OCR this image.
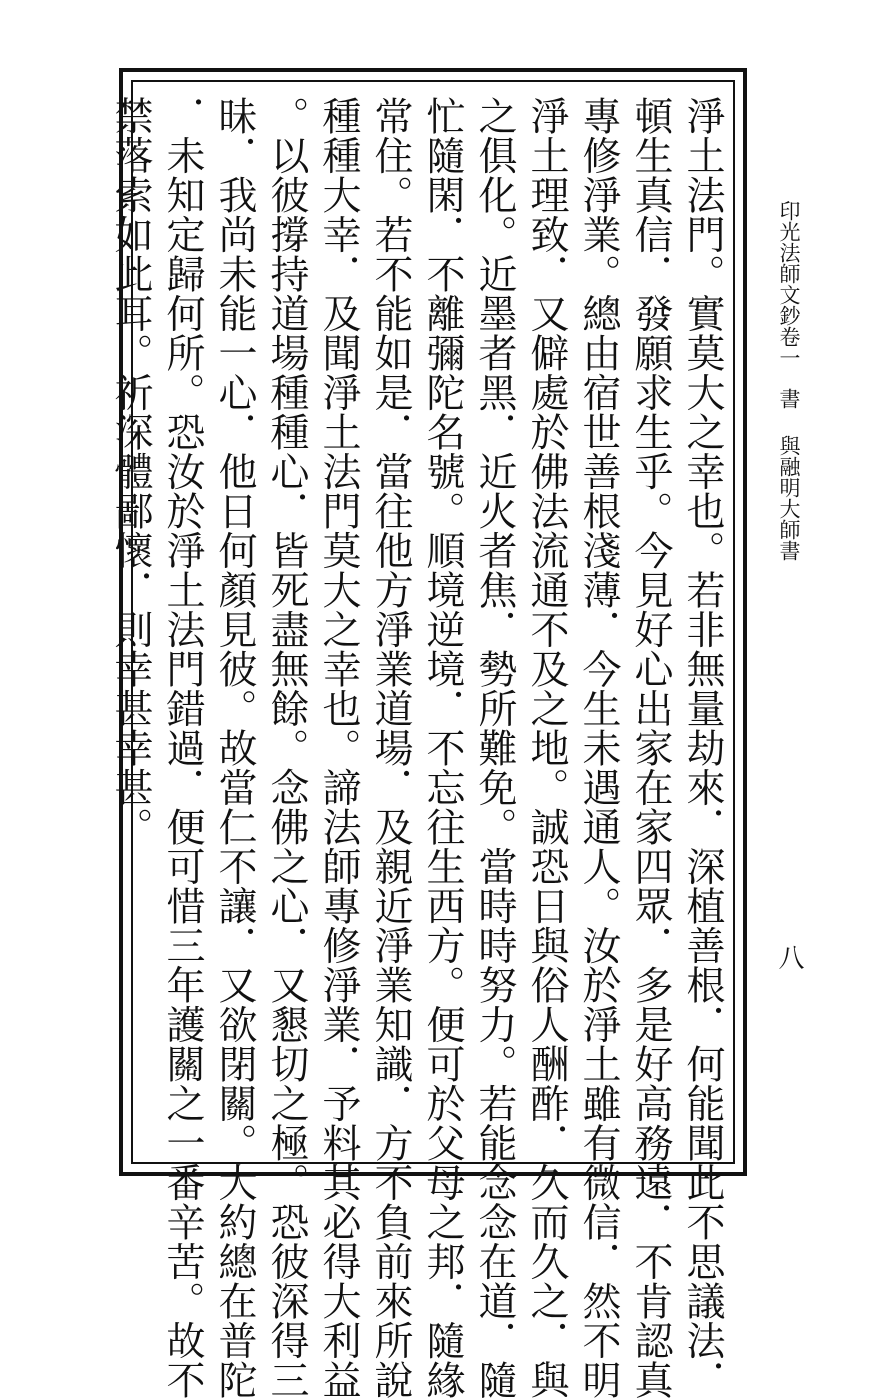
淨土法門。實莫大之幸也。若非無量劫來．深植善根．何能聞此不思議法．
頓生真信．發願求生乎。今見好心出家在家四眾．多是好高務遠．不肯認真
專修淨業。總由宿世善根淺薄．今生未遇通人。汝於淨土雖有微信．然不明
淨土理致．又僻處於佛法流通不及之地。誠恐日與俗人酬酢．久而久之．與
之俱化。近墨者黑．近火者焦．勢所難免。當時時努力。若能念念在道．隨
忙隨閑．不離彌陀名號。順境逆境．不忘往生西方。便可於父母之邦．隨緣
常住。若不能如是．當往他方淨業道場．及親近淨業知識．方不負前來所說
種種大幸．及聞淨土法門莫大之幸也。諦法師專修淨業．予料其必得大利益
。以彼撐持道場種種心．皆死盡無餘。念佛之心．又懇切之極。恐彼深得三
昧．我尚未能一心．他日何顏見彼。故當仁不讓．又欲閉關。大約總在普陀
．未知定歸何所。恐汝於淨土法門錯過．便可惜三年護關之一番辛苦。故不
禁落索如此耳。祈深體鄙懷．則幸甚幸甚。	印光法師文鈔卷一書與融明大師書
八
